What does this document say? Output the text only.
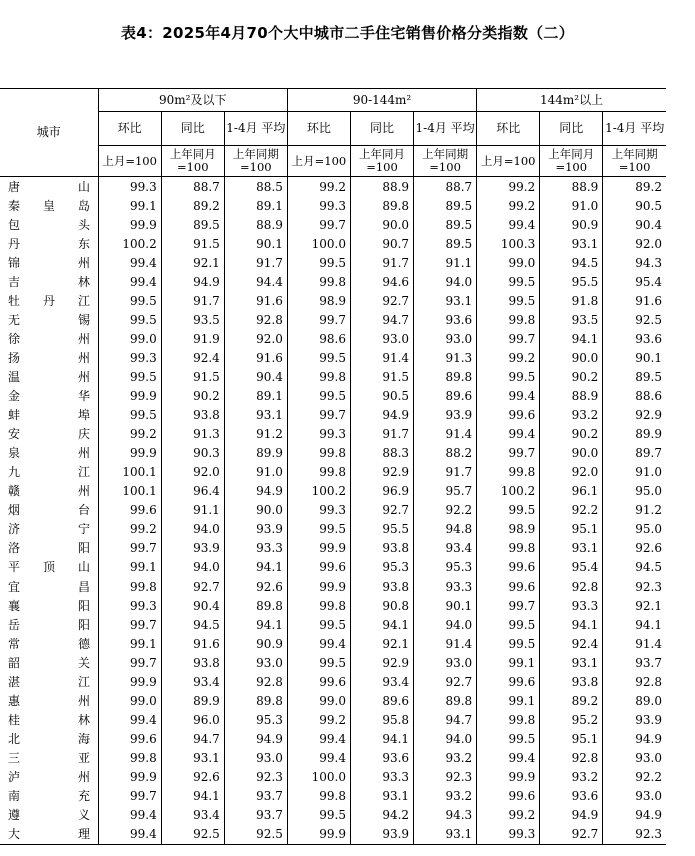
表4：2025年4月70个大中城市二手住宅销售价格分类指数（二）
城市	90m²及以下			90-144m²			144m²以上		
	环比	同比	1-4月 平均	环比	同比	1-4月 平均	环比	同比	1-4月 平均
	上月=100	上年同月 =100	上年同期 =100	上月=100	上年同月 =100	上年同期 =100	上月=100	上年同月 =100	上年同期 =100

唐 山	99.3	88.7	88.5	99.2	88.9	88.7	99.2	88.9	89.2

秦 皇 岛	99.1	89.2	89.1	99.3	89.8	89.5	99.2	91.0	90.5

包 头	99.9	89.5	88.9	99.7	90.0	89.5	99.4	90.9	90.4

丹 东	100.2	91.5	90.1	100.0	90.7	89.5	100.3	93.1	92.0

锦 州	99.4	92.1	91.7	99.5	91.7	91.1	99.0	94.5	94.3

吉 林	99.4	94.9	94.4	99.8	94.6	94.0	99.5	95.5	95.4

牡 丹 江	99.5	91.7	91.6	98.9	92.7	93.1	99.5	91.8	91.6

无 锡	99.5	93.5	92.8	99.7	94.7	93.6	99.8	93.5	92.5

徐 州	99.0	91.9	92.0	98.6	93.0	93.0	99.7	94.1	93.6

扬 州	99.3	92.4	91.6	99.5	91.4	91.3	99.2	90.0	90.1

温 州	99.5	91.5	90.4	99.8	91.5	89.8	99.5	90.2	89.5

金 华	99.9	90.2	89.1	99.5	90.5	89.6	99.4	88.9	88.6

蚌 埠	99.5	93.8	93.1	99.7	94.9	93.9	99.6	93.2	92.9

安 庆	99.2	91.3	91.2	99.3	91.7	91.4	99.4	90.2	89.9

泉 州	99.9	90.3	89.9	99.8	88.3	88.2	99.7	90.0	89.7

九 江	100.1	92.0	91.0	99.8	92.9	91.7	99.8	92.0	91.0

赣 州	100.1	96.4	94.9	100.2	96.9	95.7	100.2	96.1	95.0

烟 台	99.6	91.1	90.0	99.3	92.7	92.2	99.5	92.2	91.2

济 宁	99.2	94.0	93.9	99.5	95.5	94.8	98.9	95.1	95.0

洛 阳	99.7	93.9	93.3	99.9	93.8	93.4	99.8	93.1	92.6

平 顶 山	99.1	94.0	94.1	99.6	95.3	95.3	99.6	95.4	94.5

宜 昌	99.8	92.7	92.6	99.9	93.8	93.3	99.6	92.8	92.3

襄 阳	99.3	90.4	89.8	99.8	90.8	90.1	99.7	93.3	92.1

岳 阳	99.7	94.5	94.1	99.5	94.1	94.0	99.5	94.1	94.1

常 德	99.1	91.6	90.9	99.4	92.1	91.4	99.5	92.4	91.4

韶 关	99.7	93.8	93.0	99.5	92.9	93.0	99.1	93.1	93.7

湛 江	99.9	93.4	92.8	99.6	93.4	92.7	99.6	93.8	92.8

惠 州	99.0	89.9	89.8	99.0	89.6	89.8	99.1	89.2	89.0

桂 林	99.4	96.0	95.3	99.2	95.8	94.7	99.8	95.2	93.9

北 海	99.6	94.7	94.9	99.4	94.1	94.0	99.5	95.1	94.9

三 亚	99.8	93.1	93.0	99.4	93.6	93.2	99.4	92.8	93.0

泸 州	99.9	92.6	92.3	100.0	93.3	92.3	99.9	93.2	92.2

南 充	99.7	94.1	93.7	99.8	93.1	93.2	99.6	93.6	93.0

遵 义	99.4	93.4	93.7	99.5	94.2	94.3	99.2	94.9	94.9

大 理	99.4	92.5	92.5	99.9	93.9	93.1	99.3	92.7	92.3
